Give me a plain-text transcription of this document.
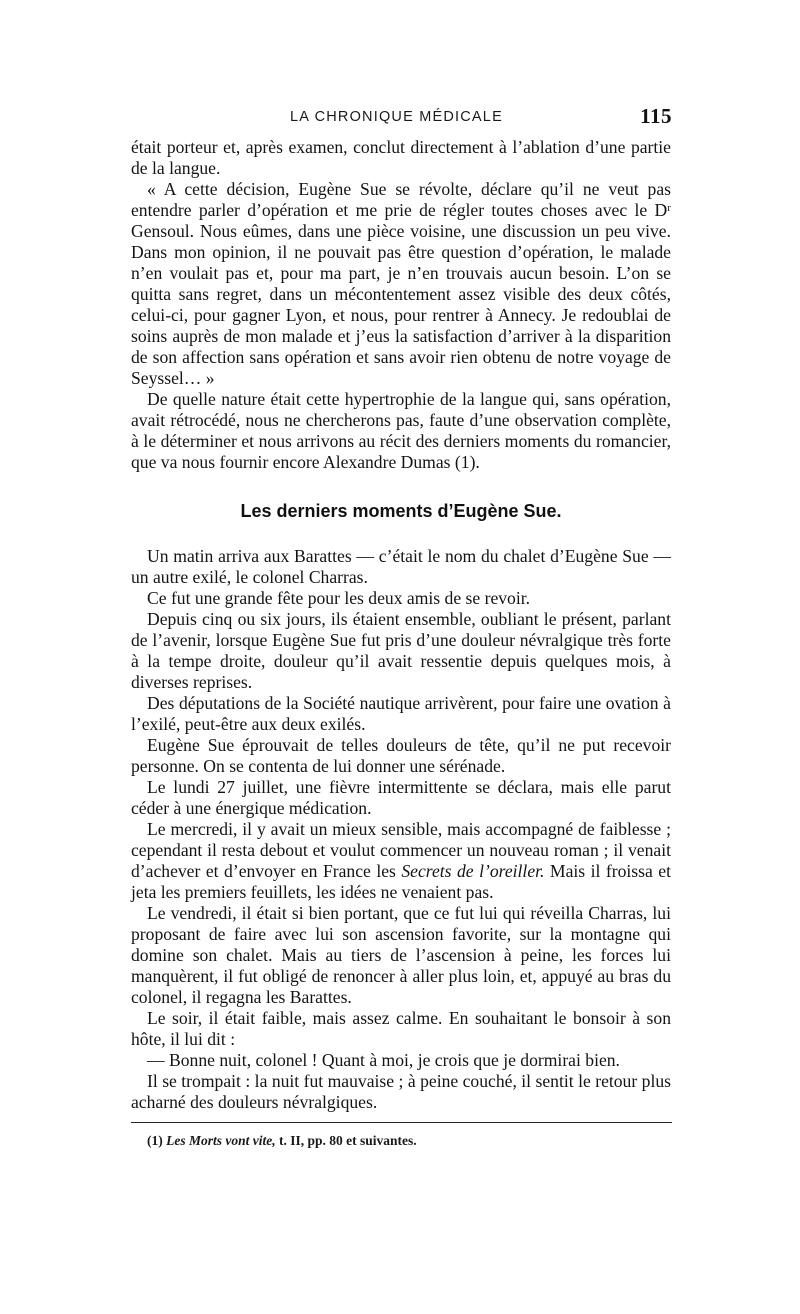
LA CHRONIQUE MÉDICALE	115

était porteur et, après examen, conclut directement à l’ablation d’une partie de la langue.

« A cette décision, Eugène Sue se révolte, déclare qu’il ne veut pas entendre parler d’opération et me prie de régler toutes choses avec le Dʳ Gensoul. Nous eûmes, dans une pièce voisine, une discussion un peu vive. Dans mon opinion, il ne pouvait pas être question d’opération, le malade n’en voulait pas et, pour ma part, je n’en trouvais aucun besoin. L’on se quitta sans regret, dans un mécontentement assez visible des deux côtés, celui-ci, pour gagner Lyon, et nous, pour rentrer à Annecy. Je redoublai de soins auprès de mon malade et j’eus la satisfaction d’arriver à la disparition de son affection sans opération et sans avoir rien obtenu de notre voyage de Seyssel… »

De quelle nature était cette hypertrophie de la langue qui, sans opération, avait rétrocédé, nous ne chercherons pas, faute d’une observation complète, à le déterminer et nous arrivons au récit des derniers moments du romancier, que va nous fournir encore Alexandre Dumas (1).

Les derniers moments d’Eugène Sue.

Un matin arriva aux Barattes — c’était le nom du chalet d’Eugène Sue — un autre exilé, le colonel Charras.

Ce fut une grande fête pour les deux amis de se revoir.

Depuis cinq ou six jours, ils étaient ensemble, oubliant le présent, parlant de l’avenir, lorsque Eugène Sue fut pris d’une douleur névralgique très forte à la tempe droite, douleur qu’il avait ressentie depuis quelques mois, à diverses reprises.

Des députations de la Société nautique arrivèrent, pour faire une ovation à l’exilé, peut-être aux deux exilés.

Eugène Sue éprouvait de telles douleurs de tête, qu’il ne put recevoir personne. On se contenta de lui donner une sérénade.

Le lundi 27 juillet, une fièvre intermittente se déclara, mais elle parut céder à une énergique médication.

Le mercredi, il y avait un mieux sensible, mais accompagné de faiblesse ; cependant il resta debout et voulut commencer un nouveau roman ; il venait d’achever et d’envoyer en France les Secrets de l’oreiller. Mais il froissa et jeta les premiers feuillets, les idées ne venaient pas.

Le vendredi, il était si bien portant, que ce fut lui qui réveilla Charras, lui proposant de faire avec lui son ascension favorite, sur la montagne qui domine son chalet. Mais au tiers de l’ascension à peine, les forces lui manquèrent, il fut obligé de renoncer à aller plus loin, et, appuyé au bras du colonel, il regagna les Barattes.

Le soir, il était faible, mais assez calme. En souhaitant le bonsoir à son hôte, il lui dit :

— Bonne nuit, colonel ! Quant à moi, je crois que je dormirai bien.

Il se trompait : la nuit fut mauvaise ; à peine couché, il sentit le retour plus acharné des douleurs névralgiques.

(1) Les Morts vont vite, t. II, pp. 80 et suivantes.
